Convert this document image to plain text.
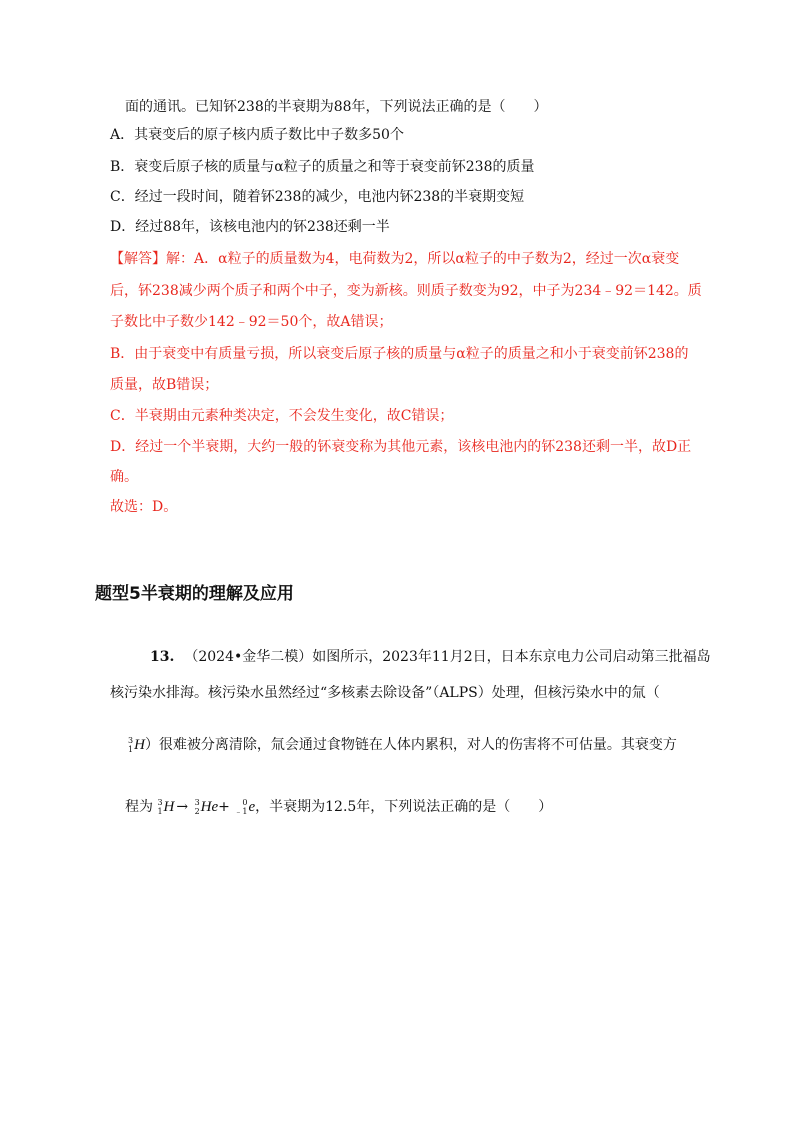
面的通讯。已知钚238的半衰期为88年，下列说法正确的是（　　）
A．其衰变后的原子核内质子数比中子数多50个
B．衰变后原子核的质量与α粒子的质量之和等于衰变前钚238的质量
C．经过一段时间，随着钚238的减少，电池内钚238的半衰期变短
D．经过88年，该核电池内的钚238还剩一半
【解答】解：A．α粒子的质量数为4，电荷数为2，所以α粒子的中子数为2，经过一次α衰变
后，钚238减少两个质子和两个中子，变为新核。则质子数变为92，中子为234﹣92＝142。质
子数比中子数少142﹣92＝50个，故A错误；
B．由于衰变中有质量亏损，所以衰变后原子核的质量与α粒子的质量之和小于衰变前钚238的
质量，故B错误；
C．半衰期由元素种类决定，不会发生变化，故C错误；
D．经过一个半衰期，大约一般的钚衰变称为其他元素，该核电池内的钚238还剩一半，故D正
确。
故选：D。
题型5半衰期的理解及应用
13. （2024•金华二模）如图所示，2023年11月2日，日本东京电力公司启动第三批福岛
核污染水排海。核污染水虽然经过“多核素去除设备”（ALPS）处理，但核污染水中的氚（
3
1 H）很难被分离清除，氚会通过食物链在人体内累积，对人的伤害将不可估量。其衰变方
程为 3
1 H → 3
2 He+ 0
﹣1 e，半衰期为12.5年，下列说法正确的是（　　）
